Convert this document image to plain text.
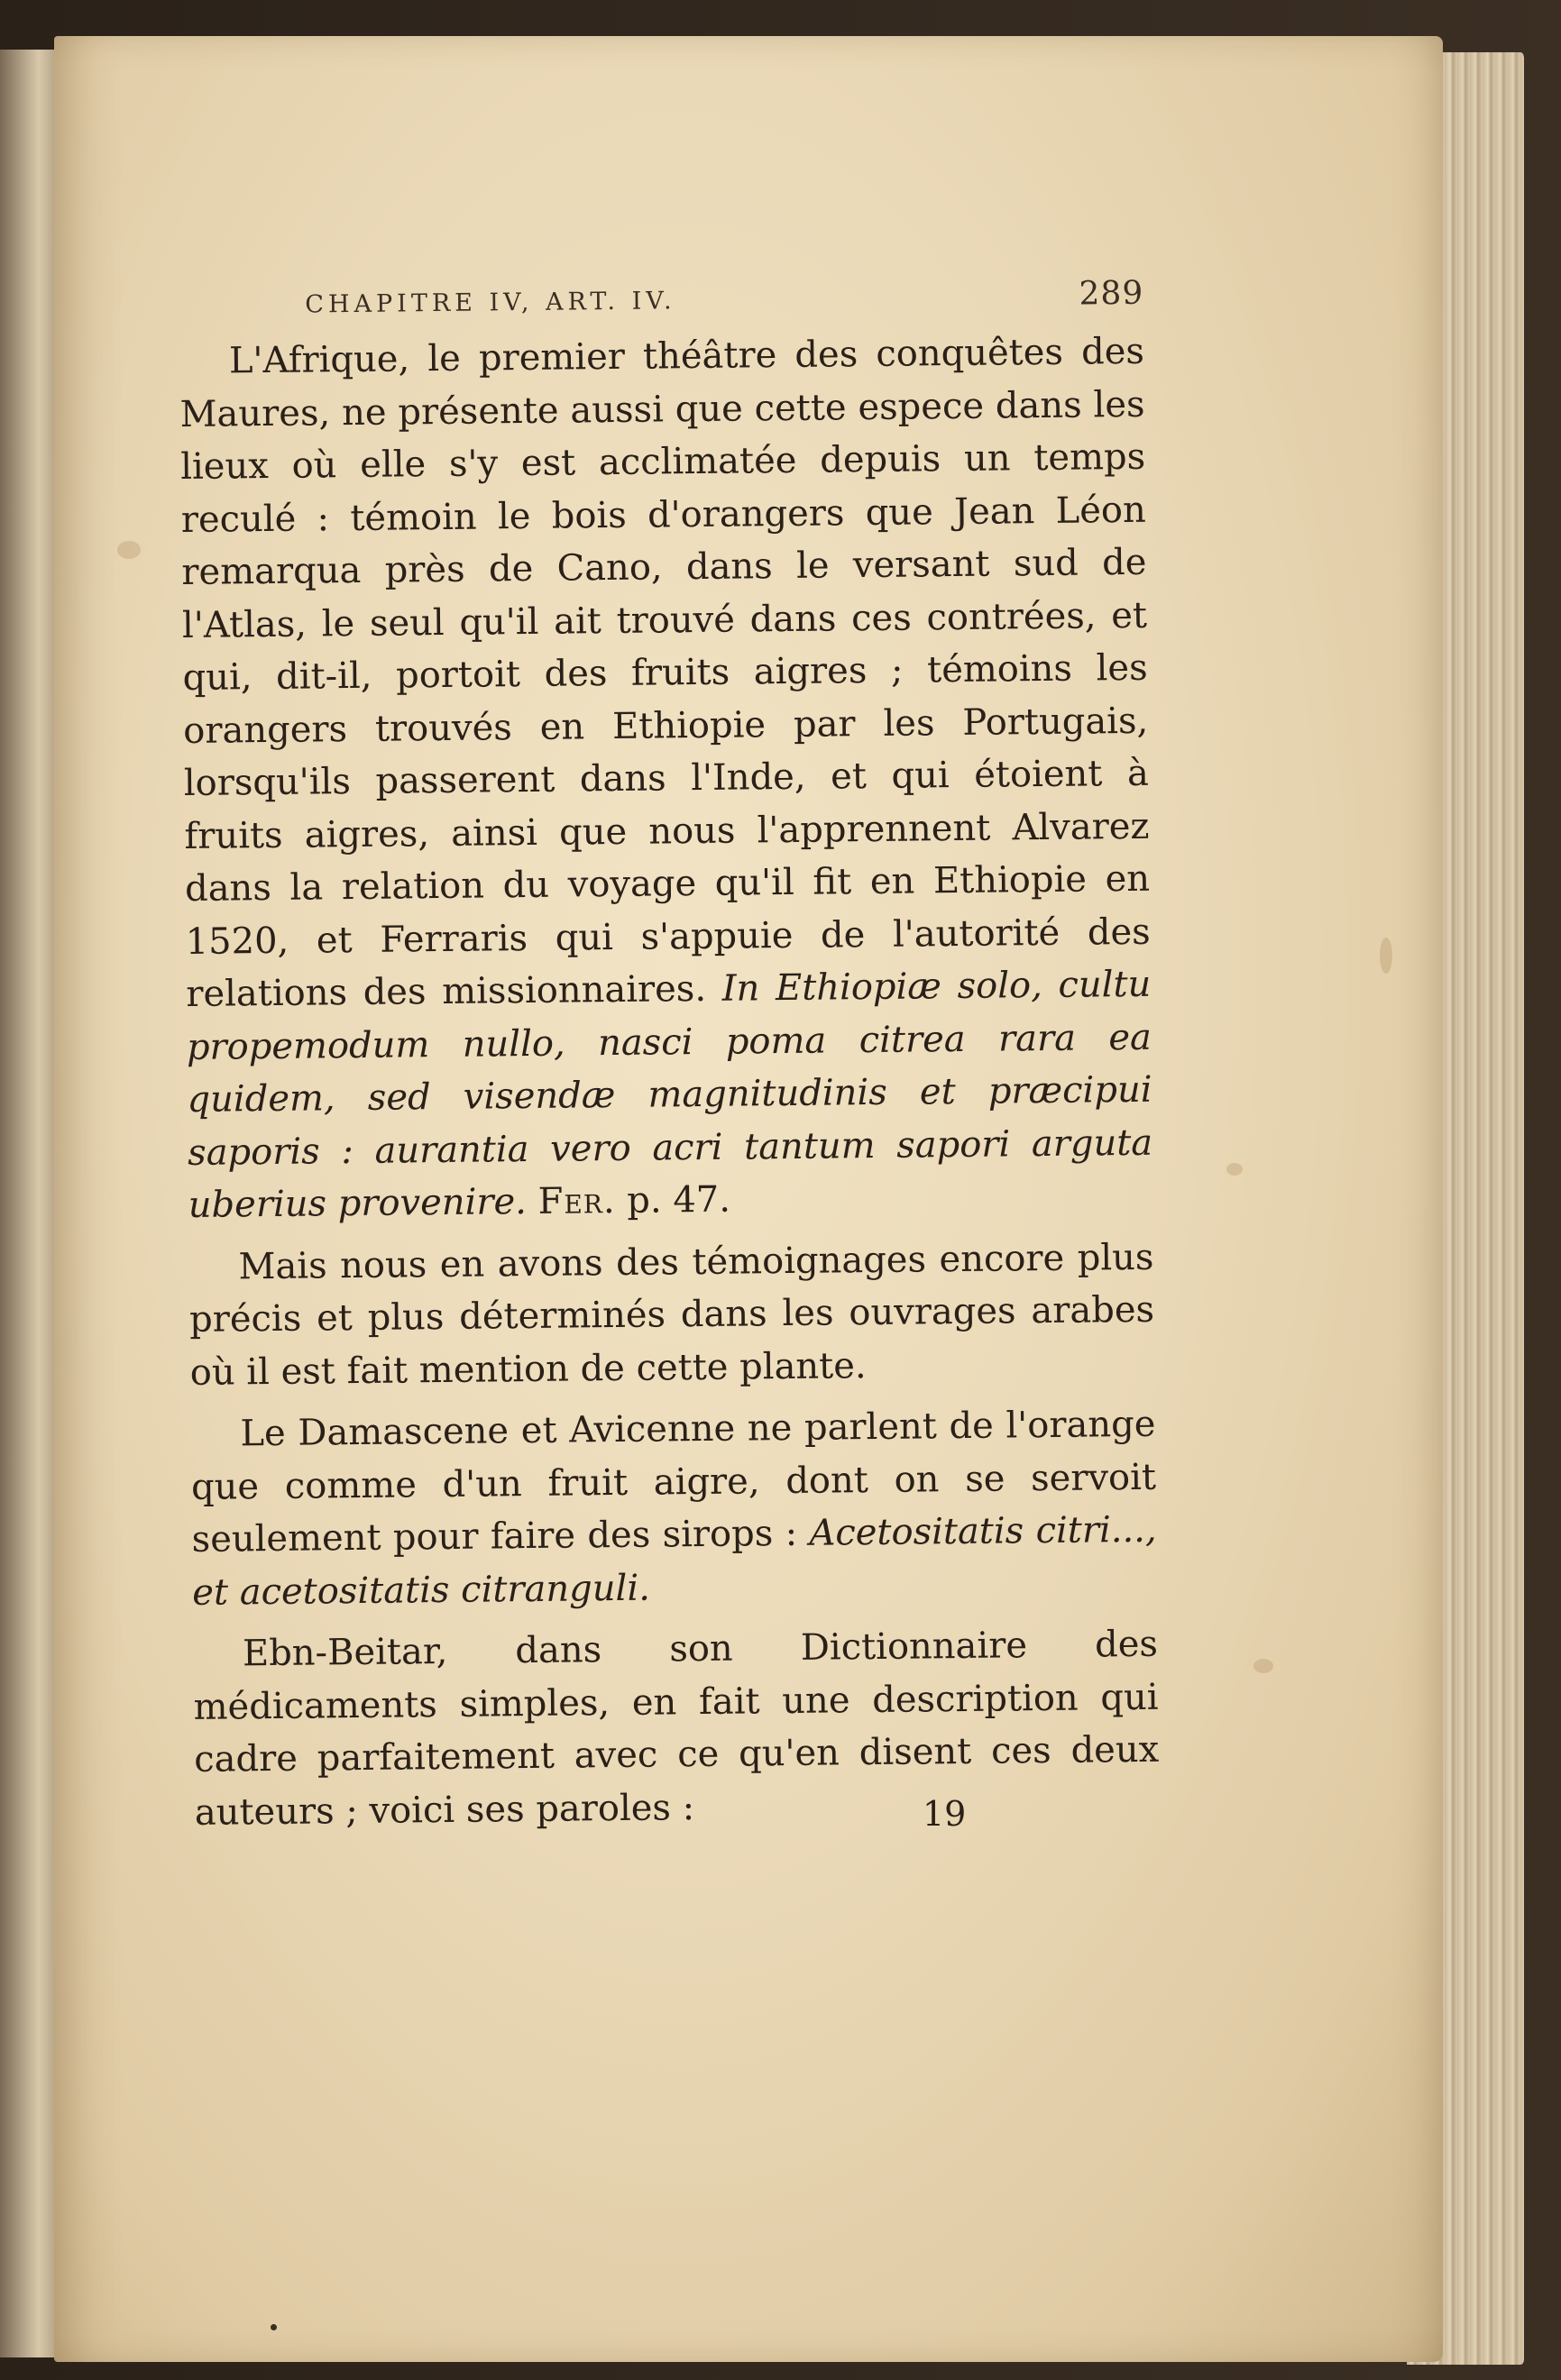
CHAPITRE IV, ART. IV.	289

L'Afrique, le premier théâtre des conquêtes des Maures, ne présente aussi que cette espece dans les lieux où elle s'y est acclimatée depuis un temps reculé : témoin le bois d'orangers que Jean Léon remarqua près de Cano, dans le versant sud de l'Atlas, le seul qu'il ait trouvé dans ces contrées, et qui, dit-il, portoit des fruits aigres ; témoins les orangers trouvés en Ethiopie par les Portugais, lorsqu'ils passerent dans l'Inde, et qui étoient à fruits aigres, ainsi que nous l'apprennent Alvarez dans la relation du voyage qu'il fit en Ethiopie en 1520, et Ferraris qui s'appuie de l'autorité des relations des missionnaires. In Ethiopiæ solo, cultu propemodum nullo, nasci poma citrea rara ea quidem, sed visendæ magnitudinis et præcipui saporis : aurantia vero acri tantum sapori arguta uberius provenire. Fer. p. 47.

Mais nous en avons des témoignages encore plus précis et plus déterminés dans les ouvrages arabes où il est fait mention de cette plante.

Le Damascene et Avicenne ne parlent de l'orange que comme d'un fruit aigre, dont on se servoit seulement pour faire des sirops : Acetositatis citri..., et acetositatis citranguli.

Ebn-Beitar, dans son Dictionnaire des médicaments simples, en fait une description qui cadre parfaitement avec ce qu'en disent ces deux auteurs ; voici ses paroles :	19
